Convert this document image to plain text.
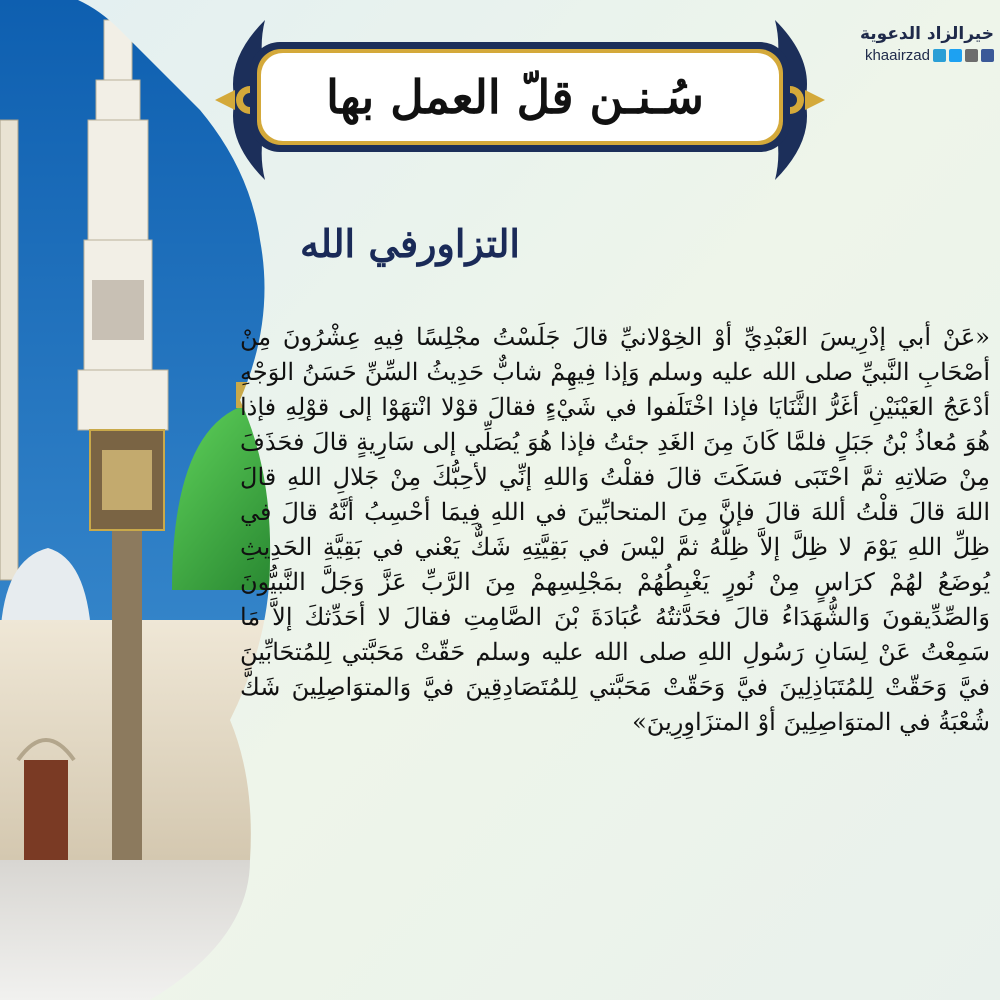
سُـنـن قلّ العمل بها
خيرالزاد الدعوية
khaairzad
التزاورفي الله
«عَنْ أبي إدْرِيسَ العَبْدِيِّ أوْ الخِوْلانيِّ قالَ جَلَسْتُ مجْلِسًا فِيهِ عِشْرُونَ مِنْ أصْحَابِ النَّبيِّ صلى الله عليه وسلم وَإذا فِيهِمْ شابٌّ حَدِيثُ السِّنِّ حَسَنُ الوَجْهِ أدْعَجُ العَيْنَيْنِ أغَرُّ الثَّنَايَا فإذا اخْتَلَفوا في شَيْءٍ فقالَ قوْلا انْتهَوْا إلى قوْلِهِ فإذا هُوَ مُعاذُ بْنُ جَبَلٍ فلمَّا كَانَ مِنَ الغَدِ جئتُ فإذا هُوَ يُصَلِّي إلى سَارِيةٍ قالَ فحَذَفَ مِنْ صَلاتِهِ ثمَّ احْتَبَى فسَكَتَ قالَ فقلْتُ وَاللهِ إنِّي لأحِبُّكَ مِنْ جَلالِ اللهِ قالَ اللهَ قالَ قلْتُ أللهَ قالَ فإنَّ مِنَ المتحابِّينَ في اللهِ فِيمَا أحْسِبُ أنَّهُ قالَ في ظِلِّ اللهِ يَوْمَ لا ظِلَّ إلاَّ ظِلُّهُ ثمَّ ليْسَ في بَقِيَّتِهِ شَكٌّ يَعْني في بَقِيَّةِ الحَدِيثِ يُوضَعُ لهُمْ كرَاسٍ مِنْ نُورٍ يَغْبِطُهُمْ بمَجْلِسِهمْ مِنَ الرَّبِّ عَزَّ وَجَلَّ النَّبيُّونَ وَالصِّدِّيقونَ وَالشُّهَدَاءُ قالَ فحَدَّثتُهُ عُبَادَةَ بْنَ الصَّامِتِ فقالَ لا أحَدِّثكَ إلاَّ مَا سَمِعْتُ عَنْ لِسَانِ رَسُولِ اللهِ صلى الله عليه وسلم حَقّتْ مَحَبَّتي لِلمُتحَابِّينَ فيَّ وَحَقّتْ لِلمُتَبَاذِلِينَ فيَّ وَحَقّتْ مَحَبَّتي لِلمُتَصَادِقِينَ فيَّ وَالمتوَاصِلِينَ شَكَّ شُعْبَةُ في المتوَاصِلِينَ أوْ المتزَاوِرِينَ»
